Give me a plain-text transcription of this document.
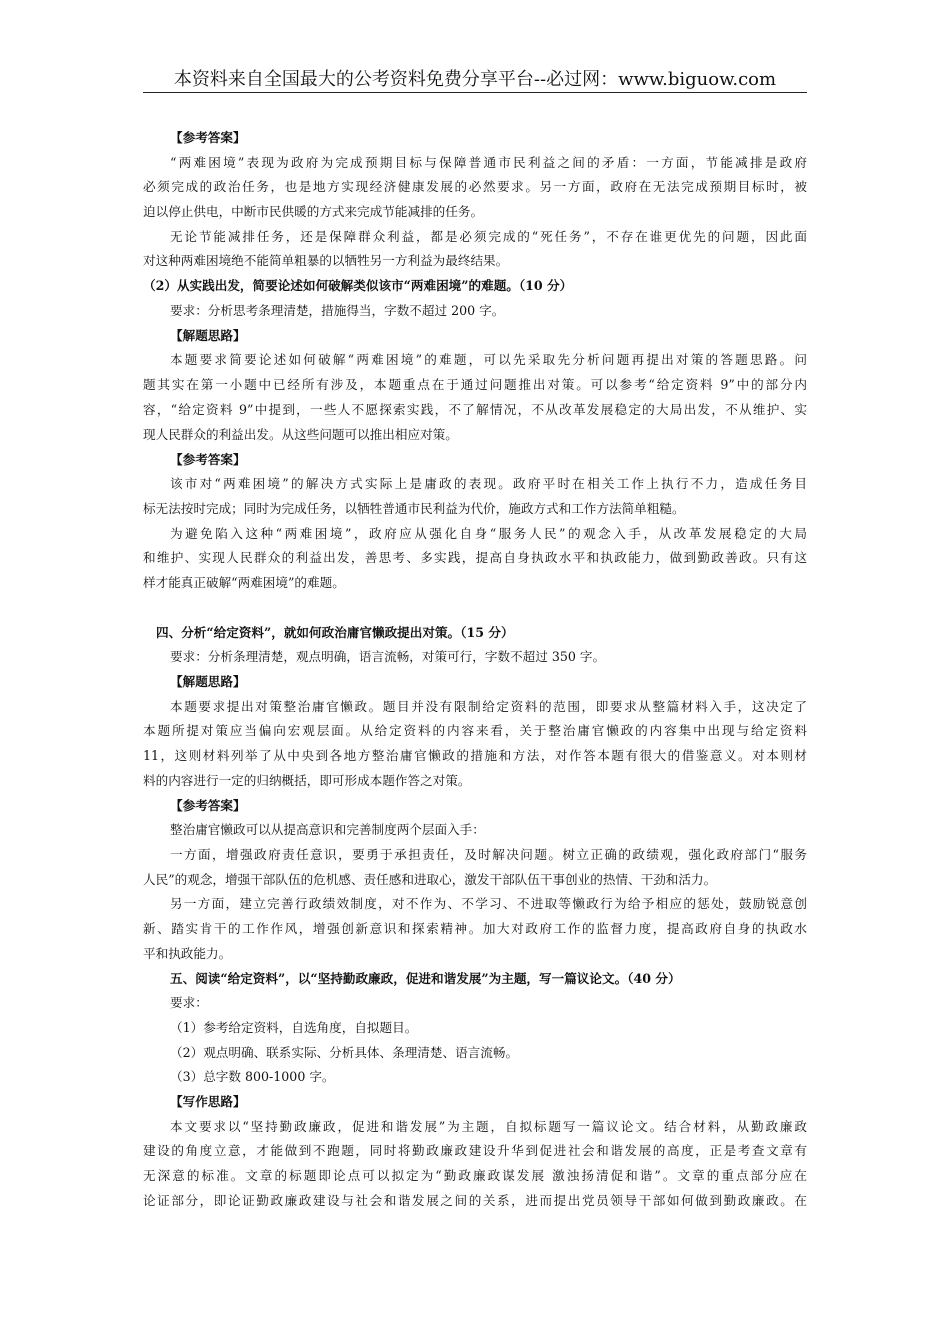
本资料来自全国最大的公考资料免费分享平台--必过网：www.biguow.com
【参考答案】
“两难困境”表现为政府为完成预期目标与保障普通市民利益之间的矛盾：一方面，节能减排是政府
必须完成的政治任务，也是地方实现经济健康发展的必然要求。另一方面，政府在无法完成预期目标时，被
迫以停止供电，中断市民供暖的方式来完成节能减排的任务。
无论节能减排任务，还是保障群众利益，都是必须完成的“死任务”，不存在谁更优先的问题，因此面
对这种两难困境绝不能简单粗暴的以牺牲另一方利益为最终结果。
（2）从实践出发，简要论述如何破解类似该市“两难困境”的难题。（10 分）
要求：分析思考条理清楚，措施得当，字数不超过 200 字。
【解题思路】
本题要求简要论述如何破解“两难困境”的难题，可以先采取先分析问题再提出对策的答题思路。问
题其实在第一小题中已经所有涉及，本题重点在于通过问题推出对策。可以参考“给定资料 9”中的部分内
容，“给定资料 9”中提到，一些人不愿探索实践，不了解情况，不从改革发展稳定的大局出发，不从维护、实
现人民群众的利益出发。从这些问题可以推出相应对策。
【参考答案】
该市对“两难困境”的解决方式实际上是庸政的表现。政府平时在相关工作上执行不力，造成任务目
标无法按时完成；同时为完成任务，以牺牲普通市民利益为代价，施政方式和工作方法简单粗糙。
为避免陷入这种“两难困境”，政府应从强化自身“服务人民”的观念入手，从改革发展稳定的大局
和维护、实现人民群众的利益出发，善思考、多实践，提高自身执政水平和执政能力，做到勤政善政。只有这
样才能真正破解“两难困境”的难题。
四、分析“给定资料”，就如何政治庸官懒政提出对策。（15 分）
要求：分析条理清楚，观点明确，语言流畅，对策可行，字数不超过 350 字。
【解题思路】
本题要求提出对策整治庸官懒政。题目并没有限制给定资料的范围，即要求从整篇材料入手，这决定了
本题所提对策应当偏向宏观层面。从给定资料的内容来看，关于整治庸官懒政的内容集中出现与给定资料
11，这则材料列举了从中央到各地方整治庸官懒政的措施和方法，对作答本题有很大的借鉴意义。对本则材
料的内容进行一定的归纳概括，即可形成本题作答之对策。
【参考答案】
整治庸官懒政可以从提高意识和完善制度两个层面入手：
一方面，增强政府责任意识，要勇于承担责任，及时解决问题。树立正确的政绩观，强化政府部门“服务
人民”的观念，增强干部队伍的危机感、责任感和进取心，激发干部队伍干事创业的热情、干劲和活力。
另一方面，建立完善行政绩效制度，对不作为、不学习、不进取等懒政行为给予相应的惩处，鼓励锐意创
新、踏实肯干的工作作风，增强创新意识和探索精神。加大对政府工作的监督力度，提高政府自身的执政水
平和执政能力。
五、阅读“给定资料”，以“坚持勤政廉政，促进和谐发展”为主题，写一篇议论文。（40 分）
要求：
（1）参考给定资料，自选角度，自拟题目。
（2）观点明确、联系实际、分析具体、条理清楚、语言流畅。
（3）总字数 800-1000 字。
【写作思路】
本文要求以“坚持勤政廉政，促进和谐发展”为主题，自拟标题写一篇议论文。结合材料，从勤政廉政
建设的角度立意，才能做到不跑题，同时将勤政廉政建设升华到促进社会和谐发展的高度，正是考查文章有
无深意的标准。文章的标题即论点可以拟定为“勤政廉政谋发展 激浊扬清促和谐”。文章的重点部分应在
论证部分，即论证勤政廉政建设与社会和谐发展之间的关系，进而提出党员领导干部如何做到勤政廉政。在
